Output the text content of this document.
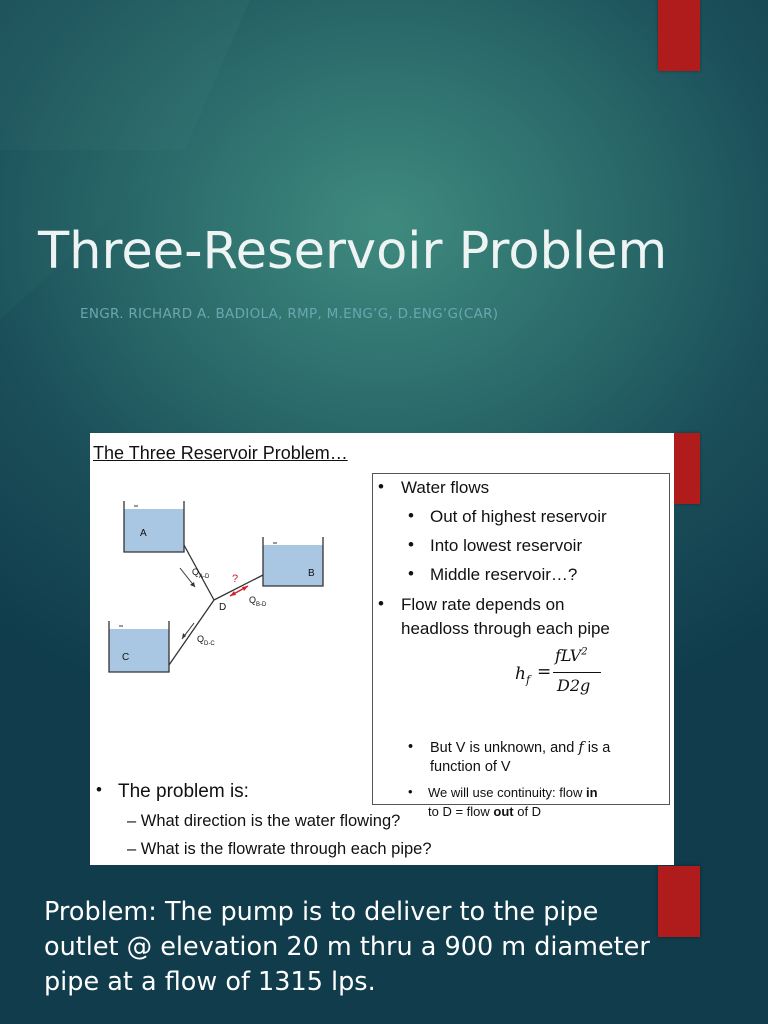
Three-Reservoir Problem
ENGR. RICHARD A. BADIOLA, RMP, M.ENG’G, D.ENG’G(CAR)
The Three Reservoir Problem…
A
B
C
D
?
$Q_{A-D}$
$Q_{B-D}$
$Q_{D-C}$
• Water flows
• Out of highest reservoir
• Into lowest reservoir
• Middle reservoir…?
• Flow rate depends on
headloss through each pipe
$h_f$ =
fLV$^2$
D2g
• But V is unknown, and f is a
function of V
• We will use continuity: flow in
to D = flow out of D
• The problem is:
– What direction is the water flowing?
– What is the flowrate through each pipe?
Problem: The pump is to deliver to the pipe
outlet @ elevation 20 m thru a 900 m diameter
pipe at a flow of 1315 lps.
